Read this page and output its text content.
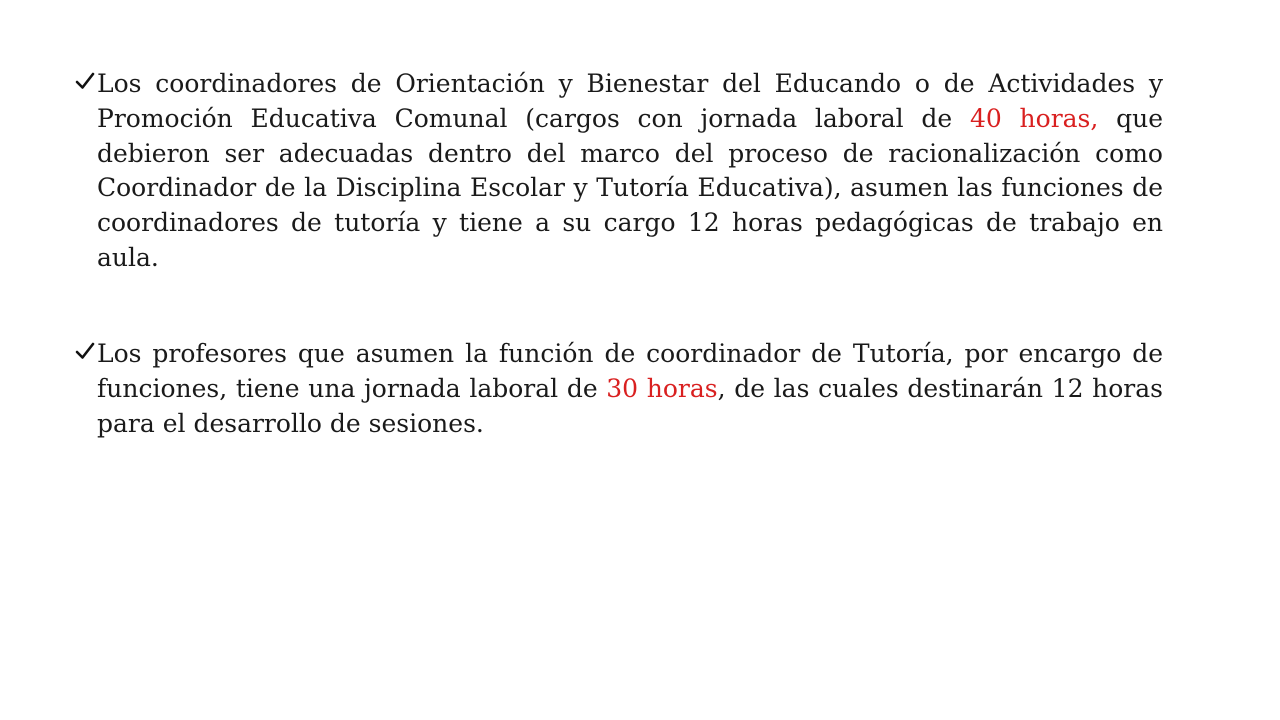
Los coordinadores de Orientación y Bienestar del Educando o de Actividades y Promoción Educativa Comunal (cargos con jornada laboral de 40 horas, que debieron ser adecuadas dentro del marco del proceso de racionalización como Coordinador de la Disciplina Escolar y Tutoría Educativa), asumen las funciones de coordinadores de tutoría y tiene a su cargo 12 horas pedagógicas de trabajo en aula.

Los profesores que asumen la función de coordinador de Tutoría, por encargo de funciones, tiene una jornada laboral de 30 horas, de las cuales destinarán 12 horas para el desarrollo de sesiones.
